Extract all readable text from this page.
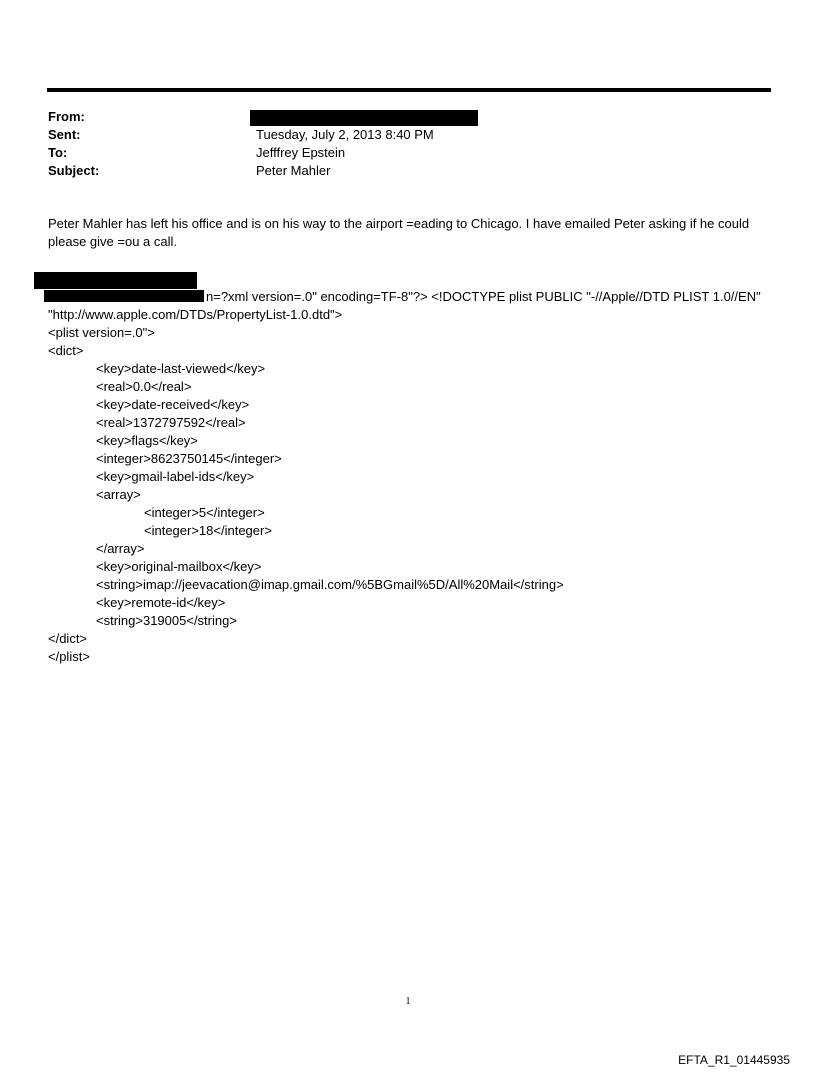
From:
Sent:	Tuesday, July 2, 2013 8:40 PM
To:	Jefffrey Epstein
Subject:	Peter Mahler
Peter Mahler has left his office and is on his way to the airport =eading to Chicago. I have emailed Peter asking if he could please give =ou a call.
n=?xml version=.0" encoding=TF-8"?> <!DOCTYPE plist PUBLIC "-//Apple//DTD PLIST 1.0//EN"
"http://www.apple.com/DTDs/PropertyList-1.0.dtd">
<plist version=.0">
<dict>
<key>date-last-viewed</key>
<real>0.0</real>
<key>date-received</key>
<real>1372797592</real>
<key>flags</key>
<integer>8623750145</integer>
<key>gmail-label-ids</key>
<array>
<integer>5</integer>
<integer>18</integer>
</array>
<key>original-mailbox</key>
<string>imap://jeevacation@imap.gmail.com/%5BGmail%5D/All%20Mail</string>
<key>remote-id</key>
<string>319005</string>
</dict>
</plist>
1
EFTA_R1_01445935
